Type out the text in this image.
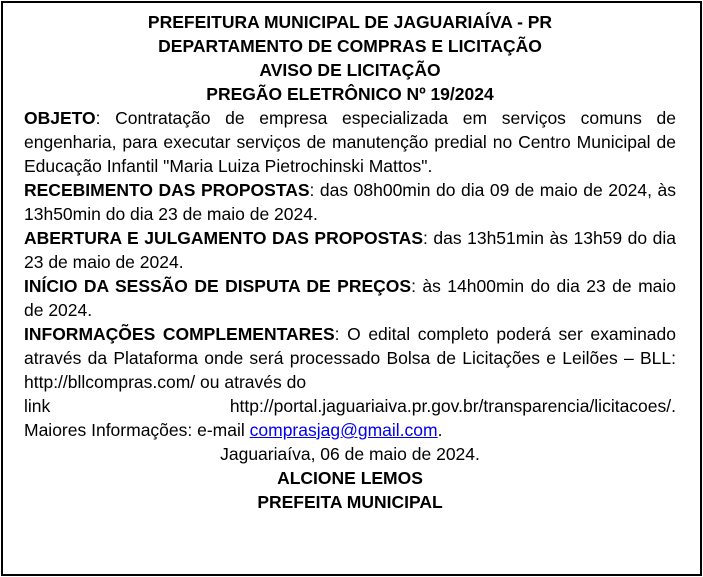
PREFEITURA MUNICIPAL DE JAGUARIAÍVA - PR
DEPARTAMENTO DE COMPRAS E LICITAÇÃO
AVISO DE LICITAÇÃO
PREGÃO ELETRÔNICO Nº 19/2024
OBJETO: Contratação de empresa especializada em serviços comuns de engenharia, para executar serviços de manutenção predial no Centro Municipal de Educação Infantil "Maria Luiza Pietrochinski Mattos".
RECEBIMENTO DAS PROPOSTAS: das 08h00min do dia 09 de maio de 2024, às 13h50min do dia 23 de maio de 2024.
ABERTURA E JULGAMENTO DAS PROPOSTAS: das 13h51min às 13h59 do dia 23 de maio de 2024.
INÍCIO DA SESSÃO DE DISPUTA DE PREÇOS: às 14h00min do dia 23 de maio de 2024.
INFORMAÇÕES COMPLEMENTARES: O edital completo poderá ser examinado através da Plataforma onde será processado Bolsa de Licitações e Leilões – BLL: http://bllcompras.com/ ou através do
link http://portal.jaguariaiva.pr.gov.br/transparencia/licitacoes/.
Maiores Informações: e-mail comprasjag@gmail.com.
Jaguariaíva, 06 de maio de 2024.
ALCIONE LEMOS
PREFEITA MUNICIPAL
